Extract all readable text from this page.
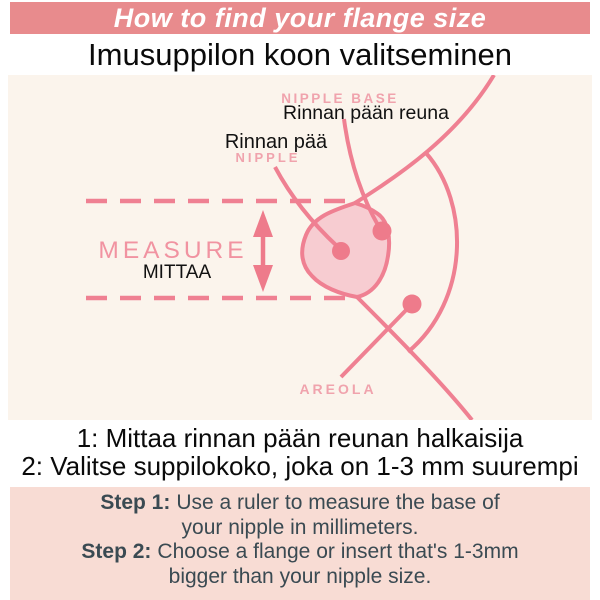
How to find your flange size
Imusuppilon koon valitseminen
NIPPLE BASE
Rinnan pään reuna
Rinnan pää
NIPPLE
MEASURE
MITTAA
AREOLA
1: Mittaa rinnan pään reunan halkaisija
2: Valitse suppilokoko, joka on 1-3 mm suurempi
Step 1: Use a ruler to measure the base of
your nipple in millimeters.
Step 2: Choose a flange or insert that's 1-3mm
bigger than your nipple size.
